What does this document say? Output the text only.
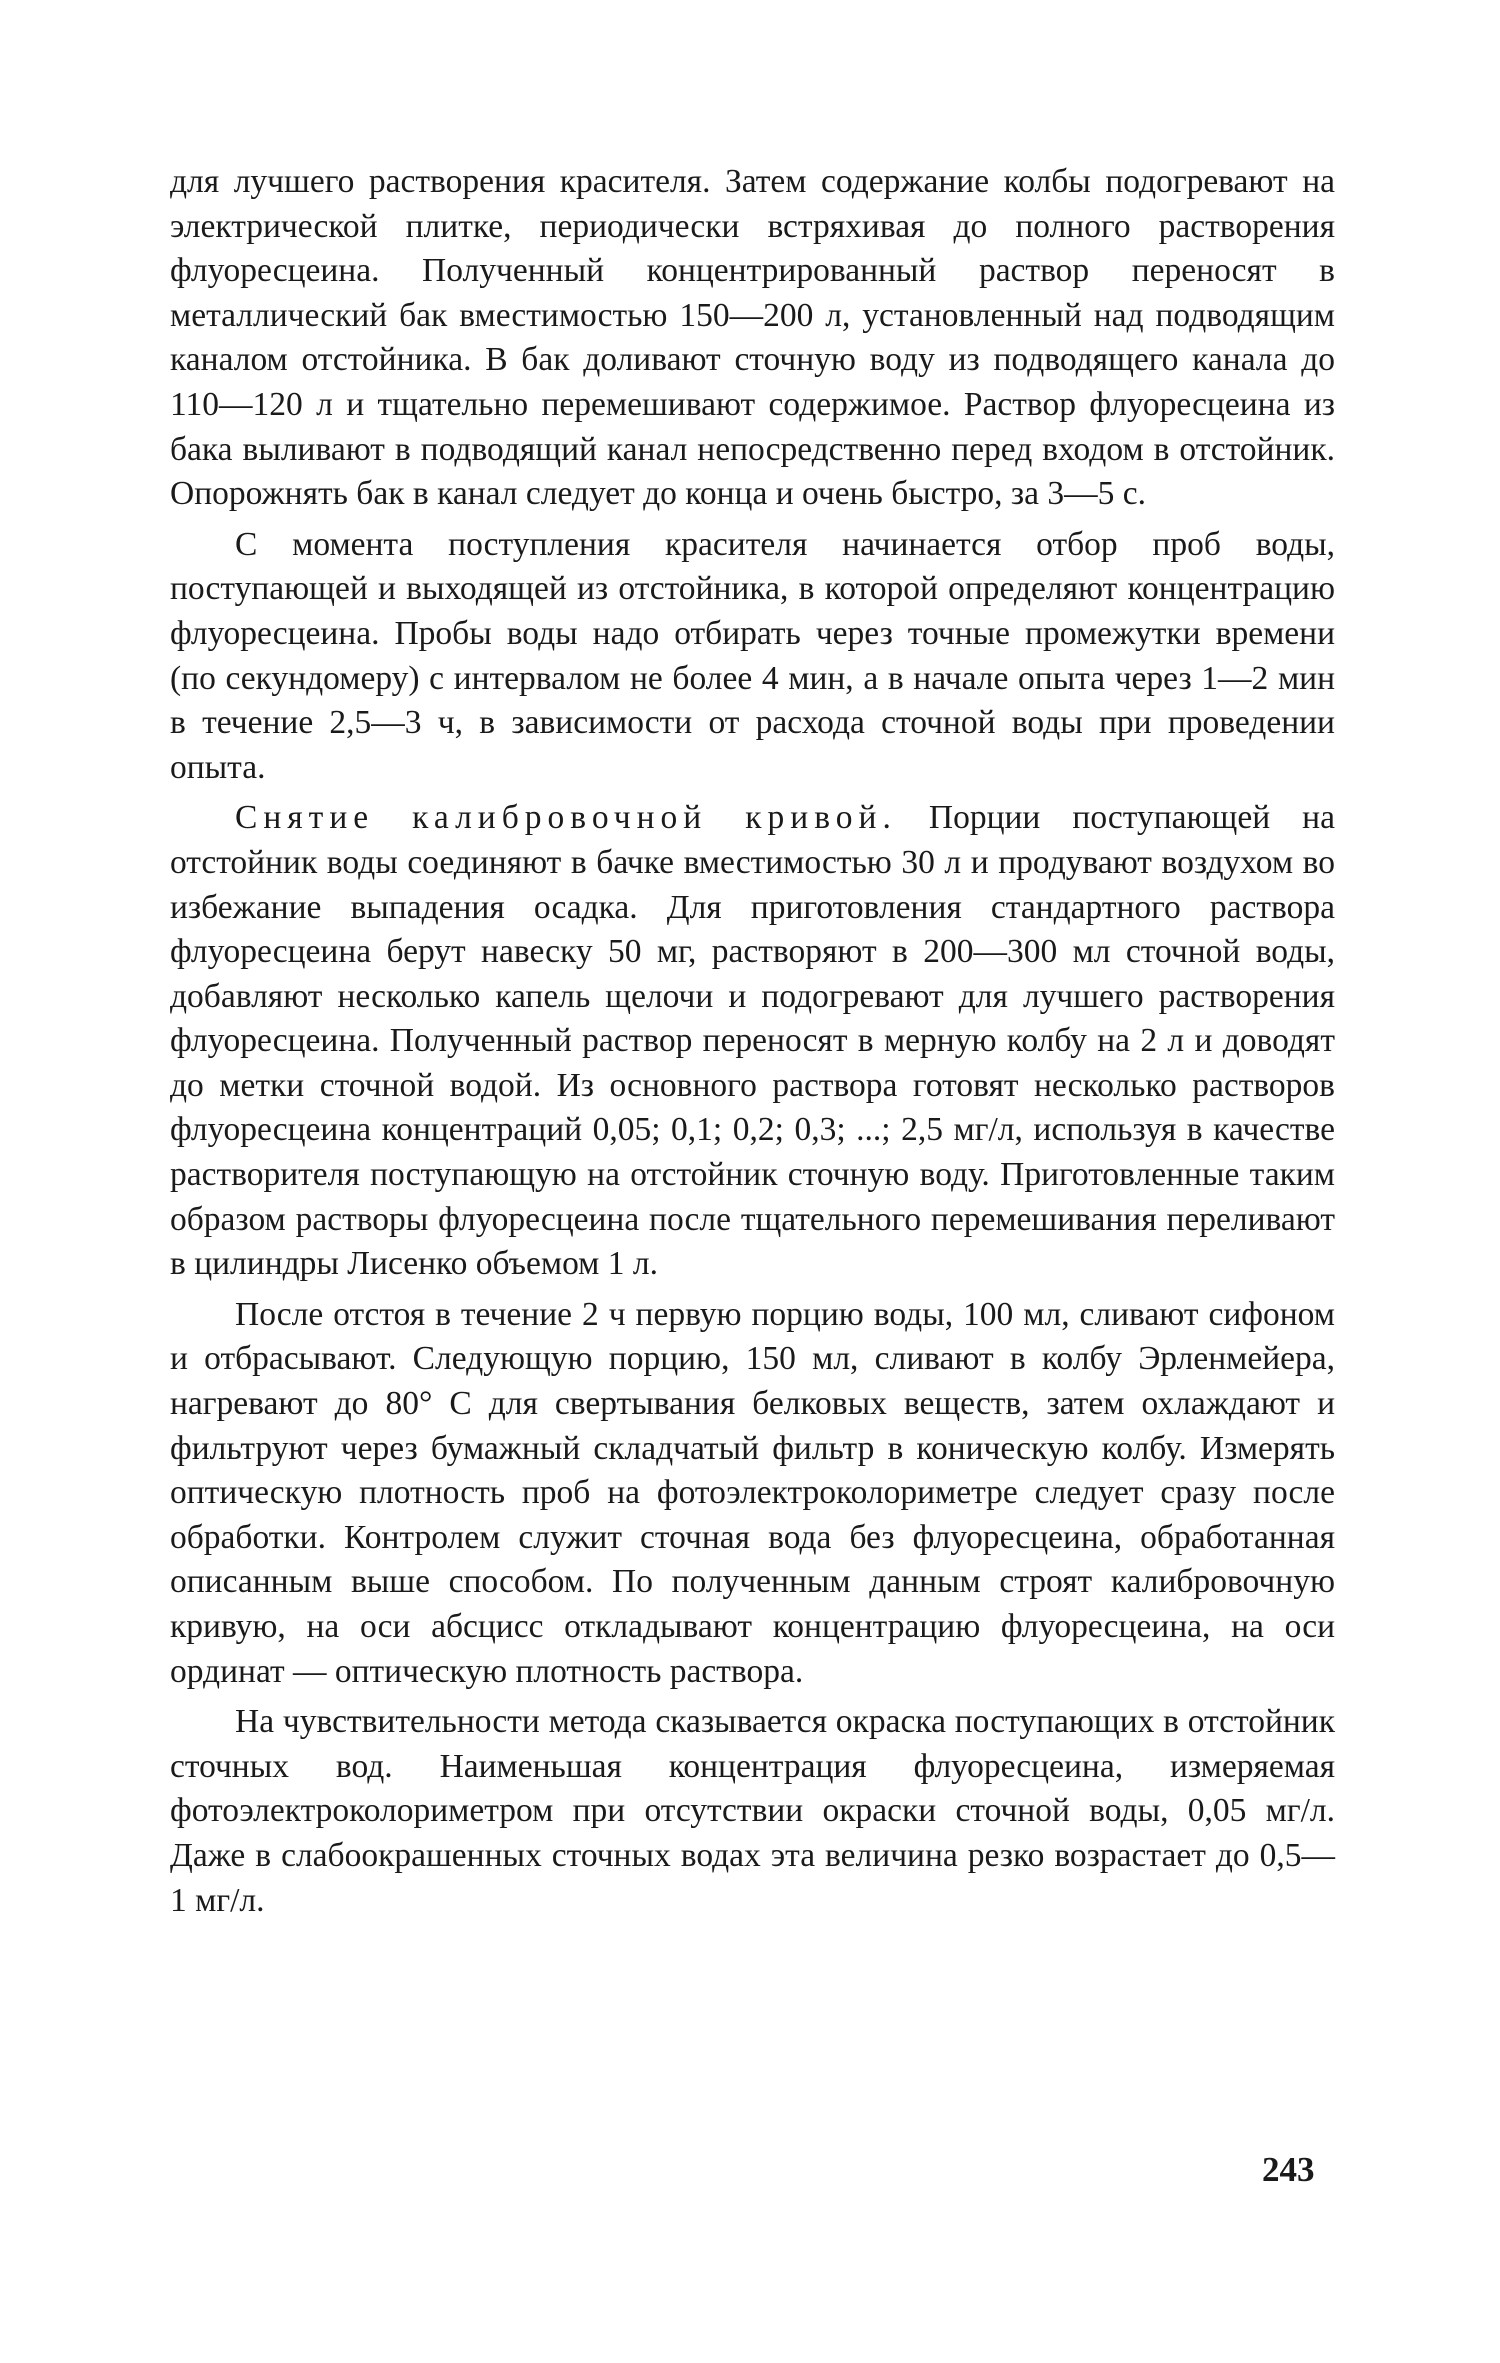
для лучшего растворения красителя. Затем содержание колбы подогревают на электрической плитке, периодически встряхивая до полного растворения флуоресцеина. Полученный концентрированный раствор переносят в металлический бак вместимостью 150—200 л, установленный над подводящим каналом отстойника. В бак доливают сточную воду из подводящего канала до 110—120 л и тщательно перемешивают содержимое. Раствор флуоресцеина из бака выливают в подводящий канал непосредственно перед входом в отстойник. Опорожнять бак в канал следует до конца и очень быстро, за 3—5 с.

С момента поступления красителя начинается отбор проб воды, поступающей и выходящей из отстойника, в которой определяют концентрацию флуоресцеина. Пробы воды надо отбирать через точные промежутки времени (по секундомеру) с интервалом не более 4 мин, а в начале опыта через 1—2 мин в течение 2,5—3 ч, в зависимости от расхода сточной воды при проведении опыта.

Снятие калибровочной кривой. Порции поступающей на отстойник воды соединяют в бачке вместимостью 30 л и продувают воздухом во избежание выпадения осадка. Для приготовления стандартного раствора флуоресцеина берут навеску 50 мг, растворяют в 200—300 мл сточной воды, добавляют несколько капель щелочи и подогревают для лучшего растворения флуоресцеина. Полученный раствор переносят в мерную колбу на 2 л и доводят до метки сточной водой. Из основного раствора готовят несколько растворов флуоресцеина концентраций 0,05; 0,1; 0,2; 0,3; ...; 2,5 мг/л, используя в качестве растворителя поступающую на отстойник сточную воду. Приготовленные таким образом растворы флуоресцеина после тщательного перемешивания переливают в цилиндры Лисенко объемом 1 л.

После отстоя в течение 2 ч первую порцию воды, 100 мл, сливают сифоном и отбрасывают. Следующую порцию, 150 мл, сливают в колбу Эрленмейера, нагревают до 80° С для свертывания белковых веществ, затем охлаждают и фильтруют через бумажный складчатый фильтр в коническую колбу. Измерять оптическую плотность проб на фотоэлектроколориметре следует сразу после обработки. Контролем служит сточная вода без флуоресцеина, обработанная описанным выше способом. По полученным данным строят калибровочную кривую, на оси абсцисс откладывают концентрацию флуоресцеина, на оси ординат — оптическую плотность раствора.

На чувствительности метода сказывается окраска поступающих в отстойник сточных вод. Наименьшая концентрация флуоресцеина, измеряемая фотоэлектроколориметром при отсутствии окраски сточной воды, 0,05 мг/л. Даже в слабоокрашенных сточных водах эта величина резко возрастает до 0,5—1 мг/л.

243
